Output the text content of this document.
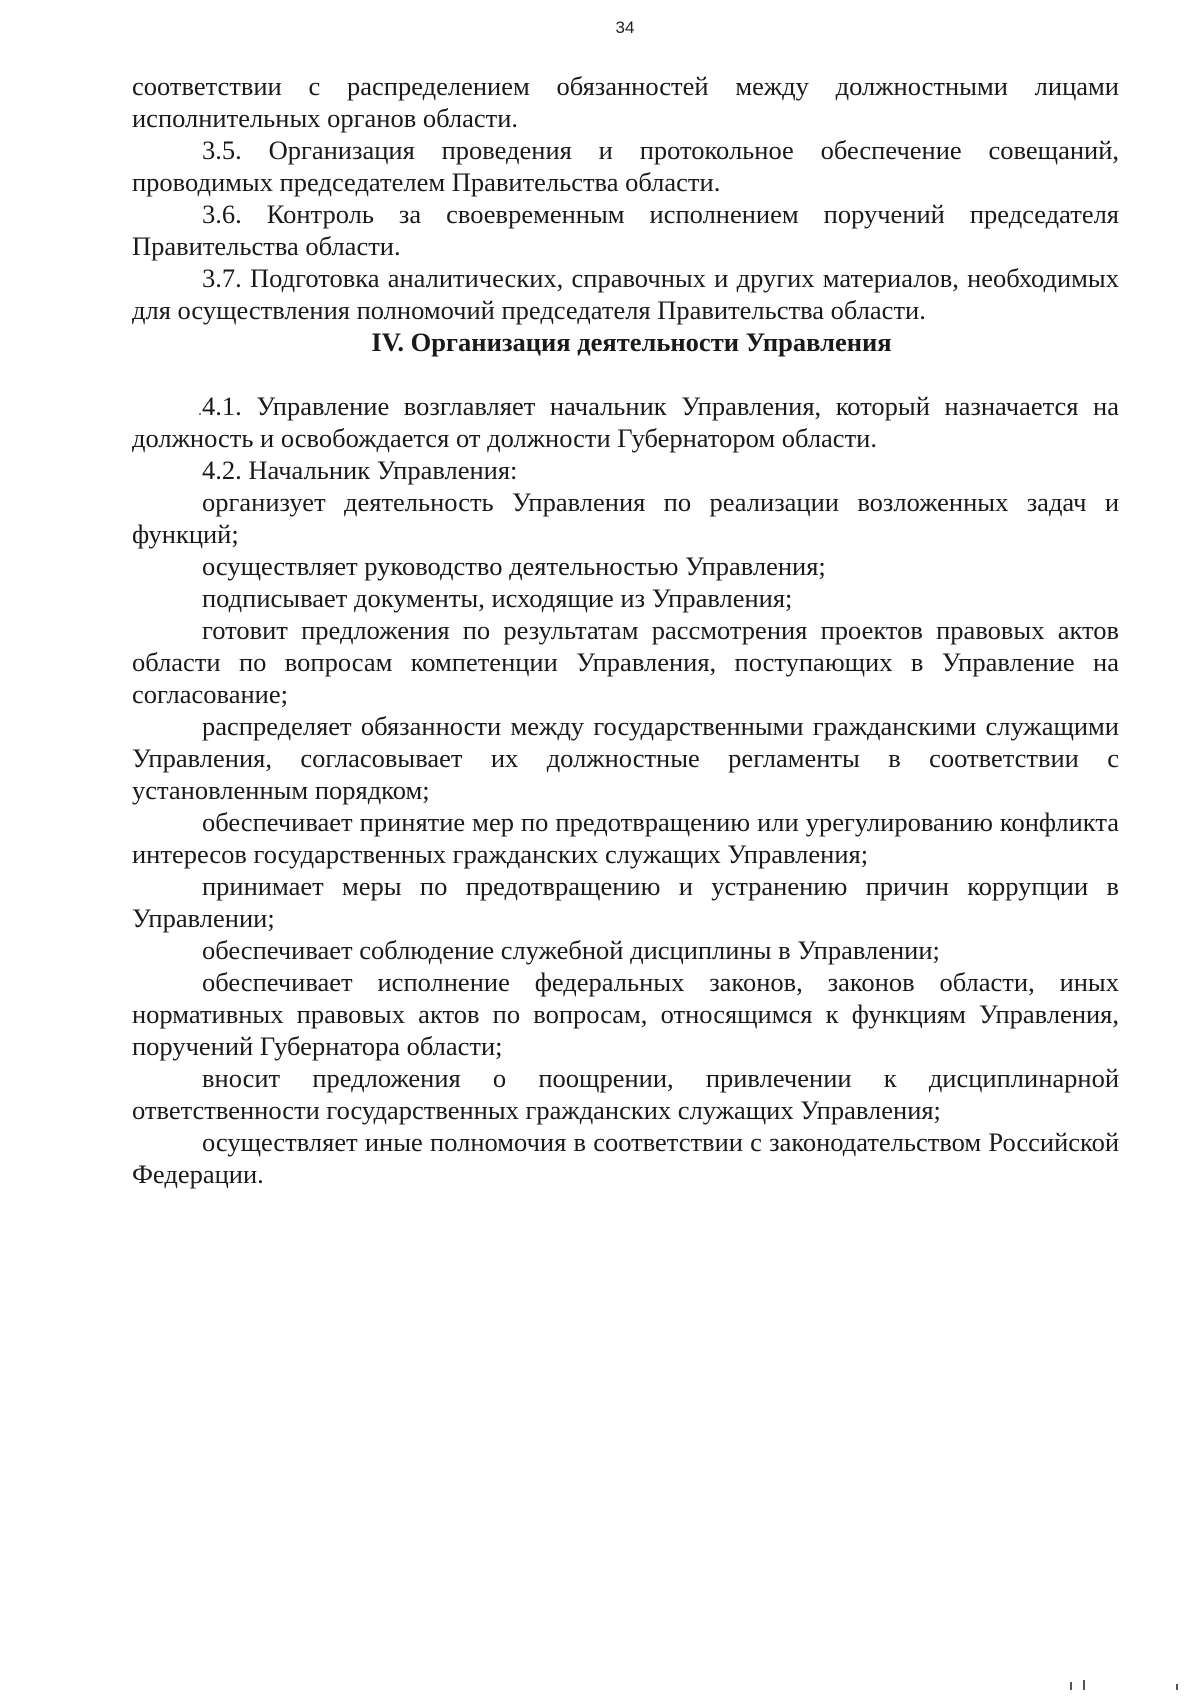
34

соответствии с распределением обязанностей между должностными лицами исполнительных органов области.

3.5. Организация проведения и протокольное обеспечение совещаний, проводимых председателем Правительства области.

3.6. Контроль за своевременным исполнением поручений председателя Правительства области.

3.7. Подготовка аналитических, справочных и других материалов, необходимых для осуществления полномочий председателя Правительства области.

IV. Организация деятельности Управления

4.1. Управление возглавляет начальник Управления, который назначается на должность и освобождается от должности Губернатором области.

4.2. Начальник Управления:

организует деятельность Управления по реализации возложенных задач и функций;

осуществляет руководство деятельностью Управления;

подписывает документы, исходящие из Управления;

готовит предложения по результатам рассмотрения проектов правовых актов области по вопросам компетенции Управления, поступающих в Управление на согласование;

распределяет обязанности между государственными гражданскими служащими Управления, согласовывает их должностные регламенты в соответствии с установленным порядком;

обеспечивает принятие мер по предотвращению или урегулированию конфликта интересов государственных гражданских служащих Управления;

принимает меры по предотвращению и устранению причин коррупции в Управлении;

обеспечивает соблюдение служебной дисциплины в Управлении;

обеспечивает исполнение федеральных законов, законов области, иных нормативных правовых актов по вопросам, относящимся к функциям Управления, поручений Губернатора области;

вносит предложения о поощрении, привлечении к дисциплинарной ответственности государственных гражданских служащих Управления;

осуществляет иные полномочия в соответствии с законодательством Российской Федерации.
